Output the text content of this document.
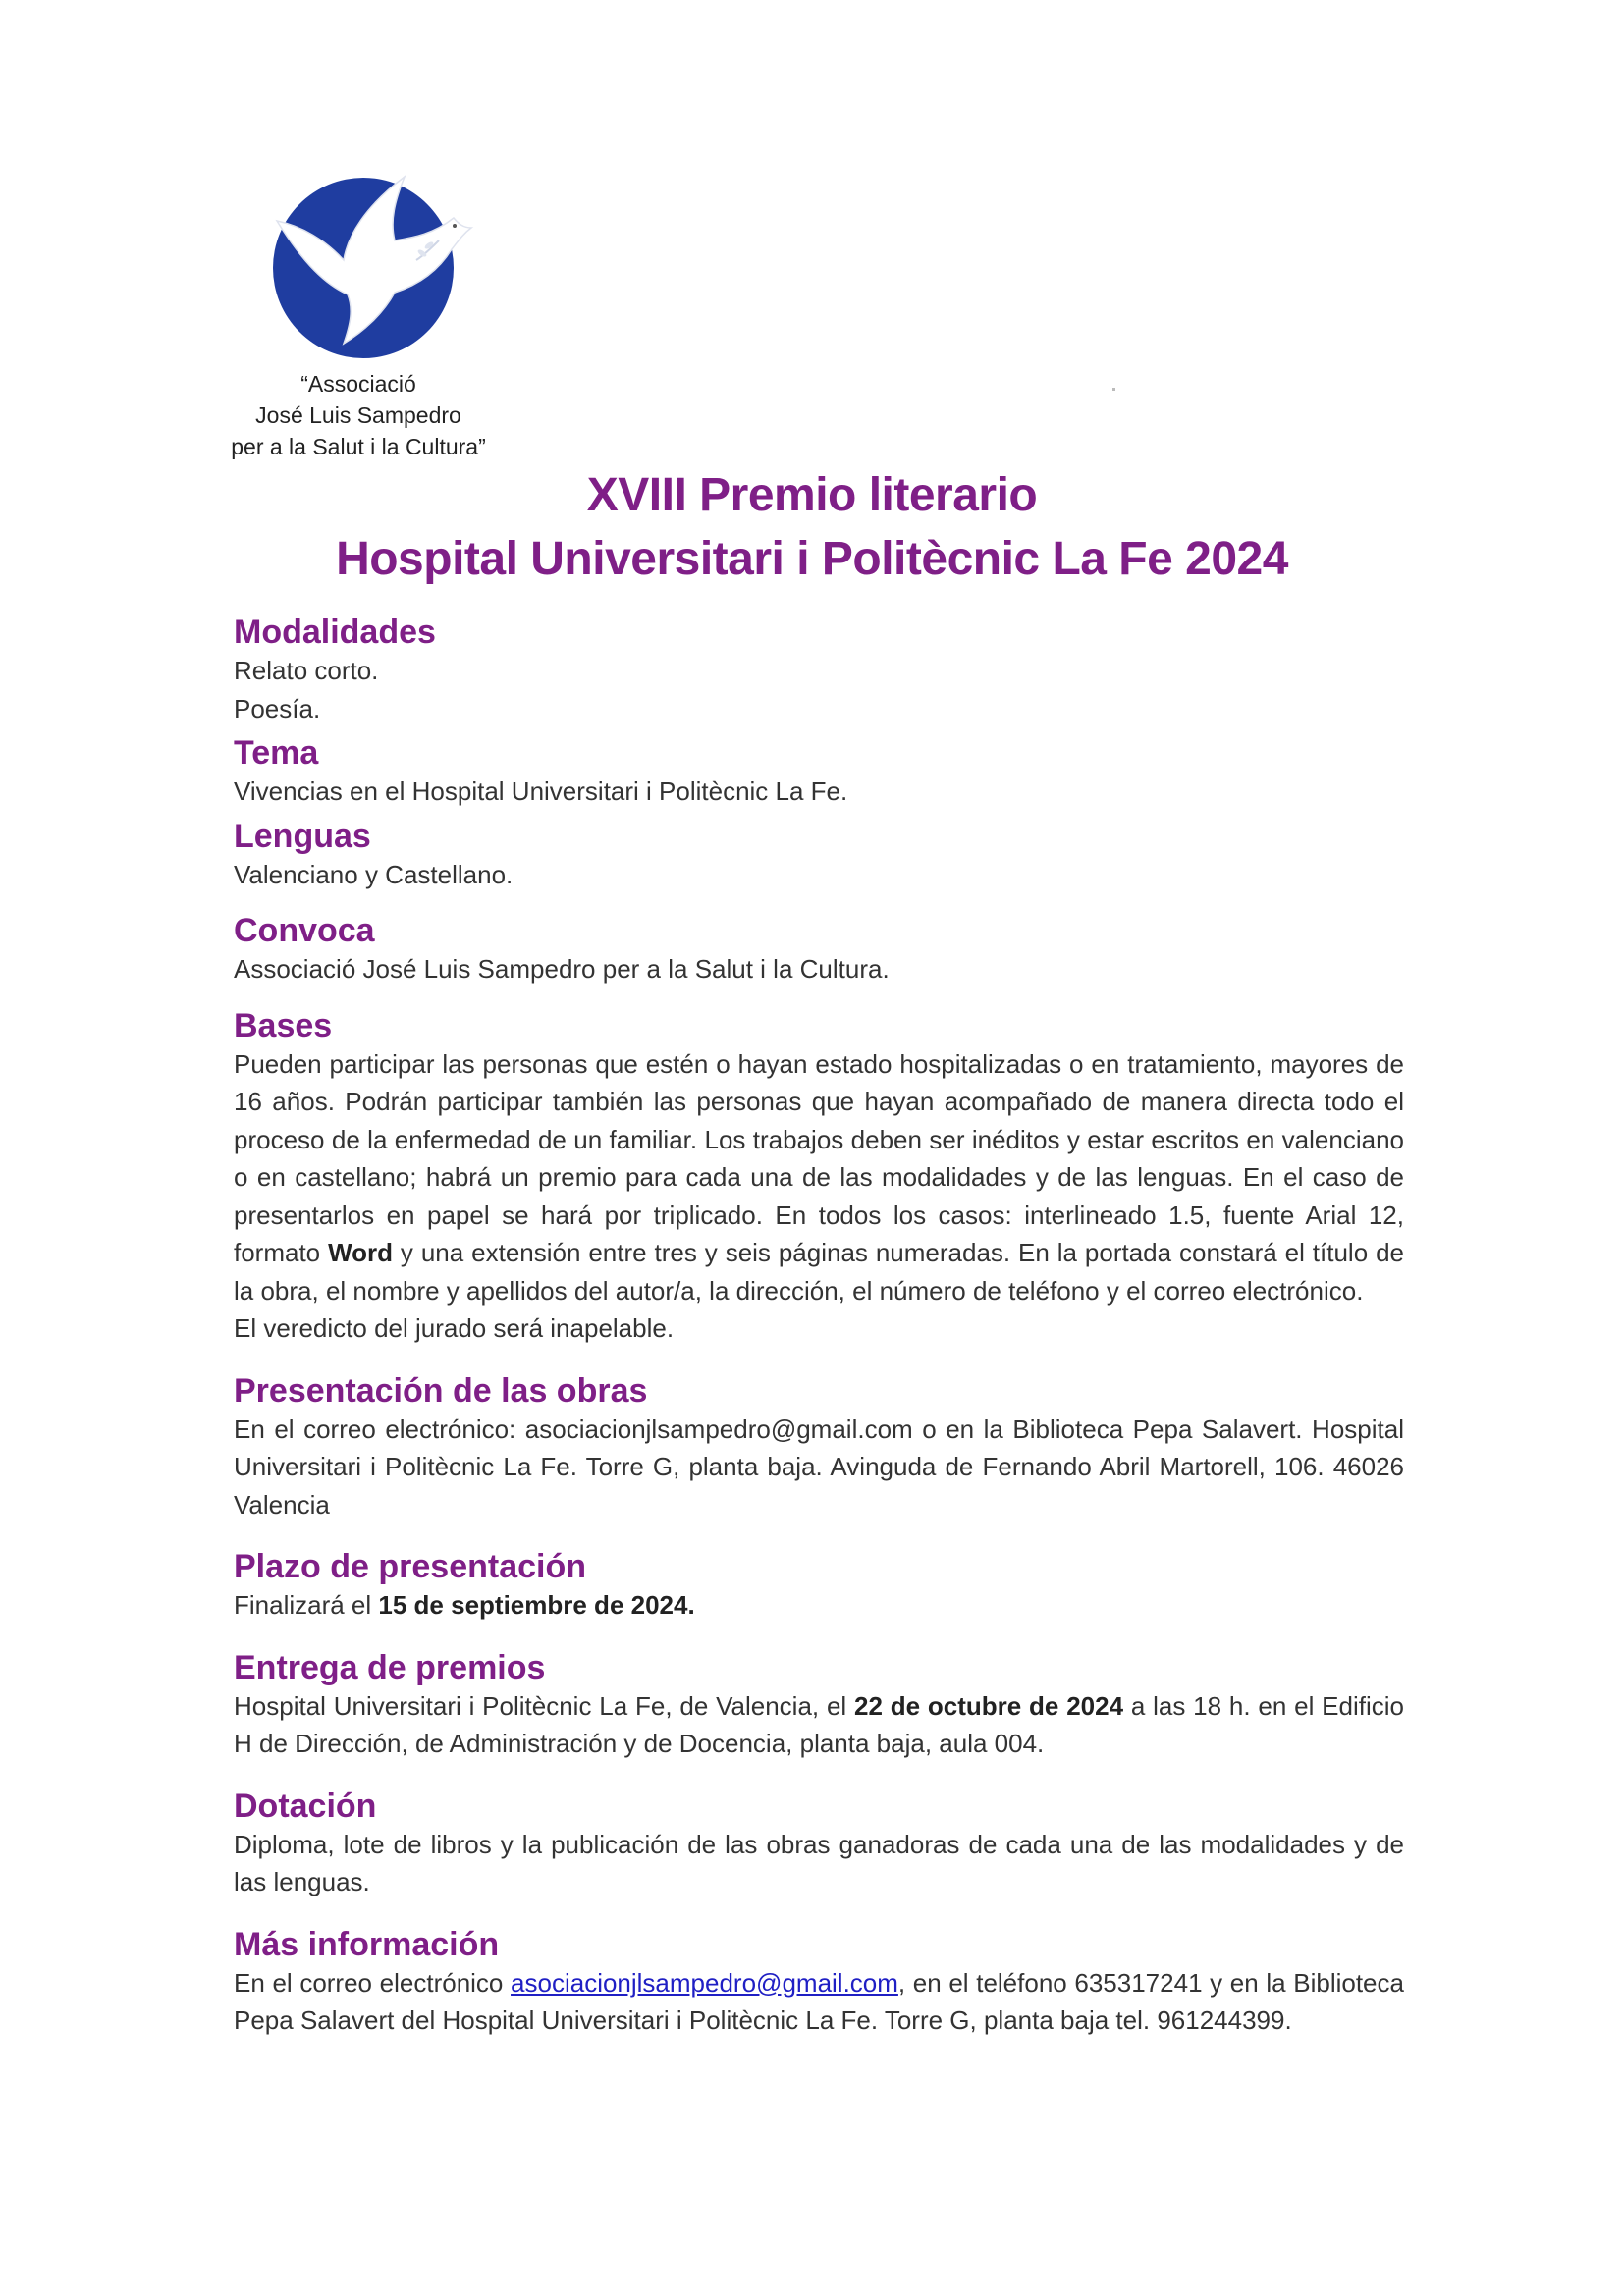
“Associació
José Luis Sampedro
per a la Salut i la Cultura”
XVIII Premio literario
Hospital Universitari i Politècnic La Fe 2024
Modalidades

Relato corto.

Poesía.

Tema

Vivencias en el Hospital Universitari i Politècnic La Fe.

Lenguas

Valenciano y Castellano.

Convoca

Associació José Luis Sampedro per a la Salut i la Cultura.

Bases

Pueden participar las personas que estén o hayan estado hospitalizadas o en tratamiento, mayores de 16 años. Podrán participar también las personas que hayan acompañado de manera directa todo el proceso de la enfermedad de un familiar. Los trabajos deben ser inéditos y estar escritos en valenciano o en castellano; habrá un premio para cada una de las modalidades y de las lenguas. En el caso de presentarlos en papel se hará por triplicado. En todos los casos: interlineado 1.5, fuente Arial 12, formato Word y una extensión entre tres y seis páginas numeradas. En la portada constará el título de la obra, el nombre y apellidos del autor/a, la dirección, el número de teléfono y el correo electrónico.

El veredicto del jurado será inapelable.

Presentación de las obras

En el correo electrónico: asociacionjlsampedro@gmail.com o en la Biblioteca Pepa Salavert. Hospital Universitari i Politècnic La Fe. Torre G, planta baja. Avinguda de Fernando Abril Martorell, 106. 46026 Valencia

Plazo de presentación

Finalizará el 15 de septiembre de 2024.

Entrega de premios

Hospital Universitari i Politècnic La Fe, de Valencia, el 22 de octubre de 2024 a las 18 h. en el Edificio H de Dirección, de Administración y de Docencia, planta baja, aula 004.

Dotación

Diploma, lote de libros y la publicación de las obras ganadoras de cada una de las modalidades y de las lenguas.

Más información

En el correo electrónico asociacionjlsampedro@gmail.com, en el teléfono 635317241 y en la Biblioteca Pepa Salavert del Hospital Universitari i Politècnic La Fe. Torre G, planta baja tel. 961244399.
